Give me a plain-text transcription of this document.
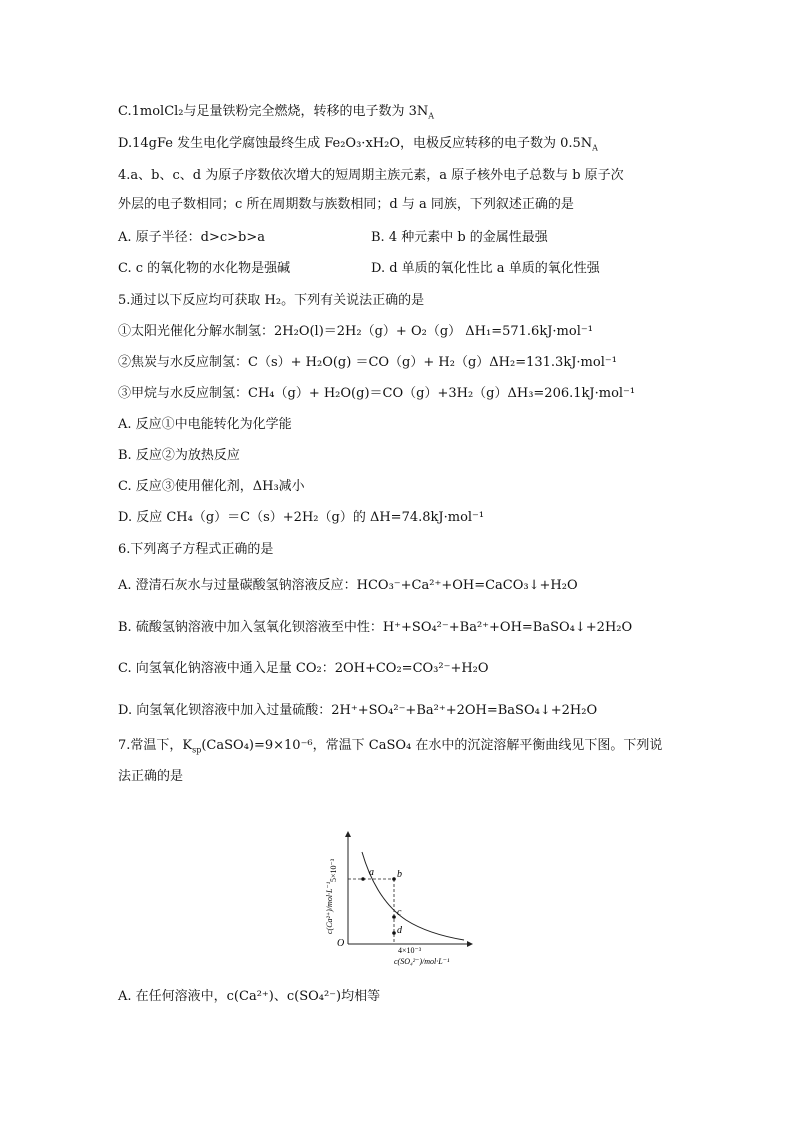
C.1molCl₂与足量铁粉完全燃烧，转移的电子数为 $3N_A$
D.14gFe 发生电化学腐蚀最终生成 Fe₂O₃·xH₂O，电极反应转移的电子数为 $0.5N_A$
4.a、b、c、d 为原子序数依次增大的短周期主族元素，a 原子核外电子总数与 b 原子次
外层的电子数相同；c 所在周期数与族数相同；d 与 a 同族，下列叙述正确的是
A. 原子半径：d>c>b>a	B. 4 种元素中 b 的金属性最强
C. c 的氧化物的水化物是强碱	D. d 单质的氧化性比 a 单质的氧化性强
5.通过以下反应均可获取 H₂。下列有关说法正确的是
①太阳光催化分解水制氢：2H₂O(l)＝2H₂（g）+ O₂（g） ΔH₁=571.6kJ·mol⁻¹
②焦炭与水反应制氢：C（s）+ H₂O(g) ＝CO（g）+ H₂（g）ΔH₂=131.3kJ·mol⁻¹
③甲烷与水反应制氢：CH₄（g）+ H₂O(g)＝CO（g）+3H₂（g）ΔH₃=206.1kJ·mol⁻¹
A. 反应①中电能转化为化学能
B. 反应②为放热反应
C. 反应③使用催化剂，ΔH₃减小
D. 反应 CH₄（g）＝C（s）+2H₂（g）的 ΔH=74.8kJ·mol⁻¹
6.下列离子方程式正确的是
A. 澄清石灰水与过量碳酸氢钠溶液反应：HCO₃⁻+Ca²⁺+OH=CaCO₃↓+H₂O
B. 硫酸氢钠溶液中加入氢氧化钡溶液至中性：H⁺+SO₄²⁻+Ba²⁺+OH=BaSO₄↓+2H₂O
C. 向氢氧化钠溶液中通入足量 CO₂：2OH+CO₂=CO₃²⁻+H₂O
D. 向氢氧化钡溶液中加入过量硫酸：2H⁺+SO₄²⁻+Ba²⁺+2OH=BaSO₄↓+2H₂O
7.常温下，$K_{sp}(CaSO_4)=9\times 10^{-6}$，常温下 CaSO₄ 在水中的沉淀溶解平衡曲线见下图。下列说
法正确的是
a b
c
d
O
5×10⁻³
4×10⁻³
c(Ca²⁺)/mol·L⁻¹
c(SO₄²⁻)/mol·L⁻¹
A. 在任何溶液中，c(Ca²⁺)、c(SO₄²⁻)均相等
